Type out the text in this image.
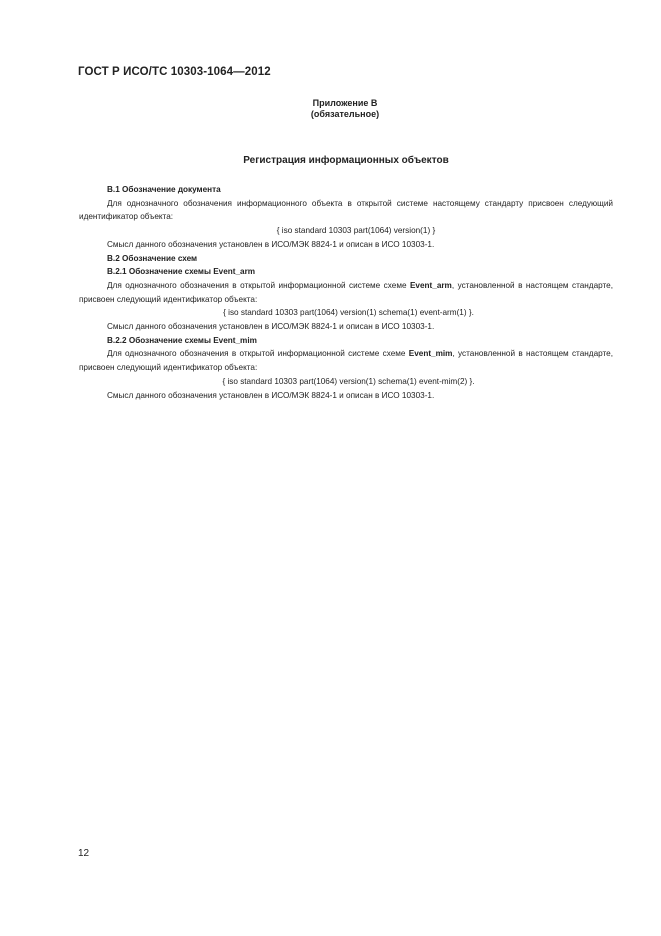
ГОСТ Р ИСО/ТС 10303-1064—2012
Приложение В
(обязательное)
Регистрация информационных объектов

В.1 Обозначение документа

Для однозначного обозначения информационного объекта в открытой системе настоящему стандарту присвоен следующий идентификатор объекта:

{ iso standard 10303 part(1064) version(1) }

Смысл данного обозначения установлен в ИСО/МЭК 8824-1 и описан в ИСО 10303-1.

В.2 Обозначение схем

В.2.1 Обозначение схемы Event_arm

Для однозначного обозначения в открытой информационной системе схеме Event_arm, установленной в настоящем стандарте, присвоен следующий идентификатор объекта:

{ iso standard 10303 part(1064) version(1) schema(1) event-arm(1) }.

Смысл данного обозначения установлен в ИСО/МЭК 8824-1 и описан в ИСО 10303-1.

В.2.2 Обозначение схемы Event_mim

Для однозначного обозначения в открытой информационной системе схеме Event_mim, установленной в настоящем стандарте, присвоен следующий идентификатор объекта:

{ iso standard 10303 part(1064) version(1) schema(1) event-mim(2) }.

Смысл данного обозначения установлен в ИСО/МЭК 8824-1 и описан в ИСО 10303-1.

12
